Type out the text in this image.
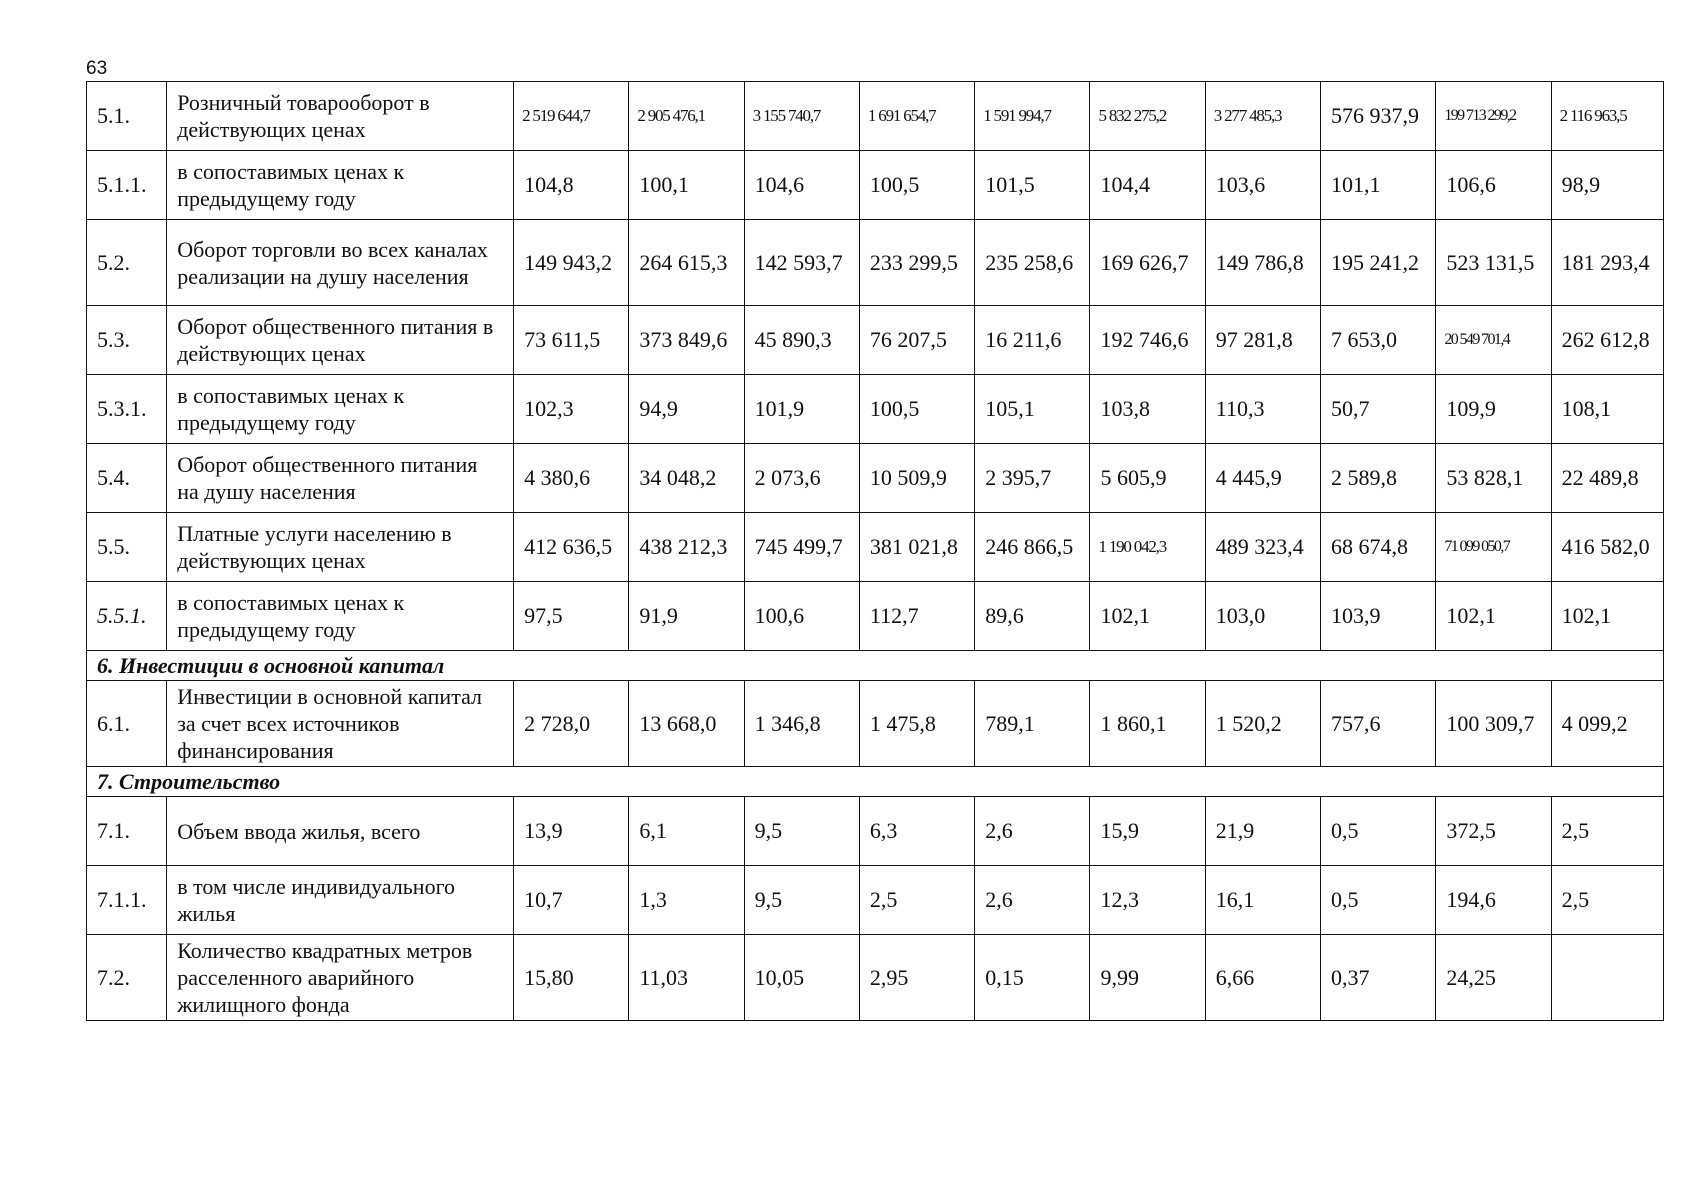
63
5.1.	Розничный товарооборот в действующих ценах	2 519 644,7	2 905 476,1	3 155 740,7	1 691 654,7	1 591 994,7	5 832 275,2	3 277 485,3	576 937,9	199 713 299,2	2 116 963,5
5.1.1.	в сопоставимых ценах к предыдущему году	104,8	100,1	104,6	100,5	101,5	104,4	103,6	101,1	106,6	98,9
5.2.	Оборот торговли во всех каналах реализации на душу населения	149 943,2	264 615,3	142 593,7	233 299,5	235 258,6	169 626,7	149 786,8	195 241,2	523 131,5	181 293,4
5.3.	Оборот общественного питания в действующих ценах	73 611,5	373 849,6	45 890,3	76 207,5	16 211,6	192 746,6	97 281,8	7 653,0	20 549 701,4	262 612,8
5.3.1.	в сопоставимых ценах к предыдущему году	102,3	94,9	101,9	100,5	105,1	103,8	110,3	50,7	109,9	108,1
5.4.	Оборот общественного питания на душу населения	4 380,6	34 048,2	2 073,6	10 509,9	2 395,7	5 605,9	4 445,9	2 589,8	53 828,1	22 489,8
5.5.	Платные услуги населению в действующих ценах	412 636,5	438 212,3	745 499,7	381 021,8	246 866,5	1 190 042,3	489 323,4	68 674,8	71 099 050,7	416 582,0
5.5.1.	в сопоставимых ценах к предыдущему году	97,5	91,9	100,6	112,7	89,6	102,1	103,0	103,9	102,1	102,1
6. Инвестиции в основной капитал											
6.1.	Инвестиции в основной капитал за счет всех источников финансирования	2 728,0	13 668,0	1 346,8	1 475,8	789,1	1 860,1	1 520,2	757,6	100 309,7	4 099,2
7. Строительство											
7.1.	Объем ввода жилья, всего	13,9	6,1	9,5	6,3	2,6	15,9	21,9	0,5	372,5	2,5
7.1.1.	в том числе индивидуального жилья	10,7	1,3	9,5	2,5	2,6	12,3	16,1	0,5	194,6	2,5
7.2.	Количество квадратных метров расселенного аварийного жилищного фонда	15,80	11,03	10,05	2,95	0,15	9,99	6,66	0,37	24,25	
